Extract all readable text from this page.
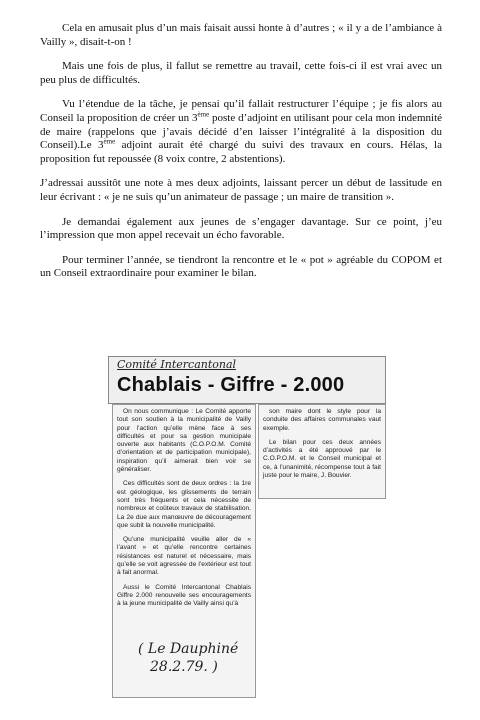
Cela en amusait plus d’un mais faisait aussi honte à d’autres ; « il y a de l’ambiance à Vailly », disait-t-on !

Mais une fois de plus, il fallut se remettre au travail, cette fois-ci il est vrai avec un peu plus de difficultés.

Vu l’étendue de la tâche, je pensai qu’il fallait restructurer l’équipe ; je fis alors au Conseil la proposition de créer un 3ème poste d’adjoint en utilisant pour cela mon indemnité de maire (rappelons que j’avais décidé d’en laisser l’intégralité à la disposition du Conseil).Le 3ème adjoint aurait été chargé du suivi des travaux en cours. Hélas, la proposition fut repoussée (8 voix contre, 2 abstentions).

J’adressai aussitôt une note à mes deux adjoints, laissant percer un début de lassitude en leur écrivant : « je ne suis qu’un animateur de passage ; un maire de transition ».

Je demandai également aux jeunes de s’engager davantage. Sur ce point, j’eu l’impression que mon appel recevait un écho favorable.

Pour terminer l’année, se tiendront la rencontre et le « pot » agréable du COPOM et un Conseil extraordinaire pour examiner le bilan.

Comité Intercantonal
Chablais - Giffre - 2.000

On nous communique : Le Comité apporte tout son soutien à la municipalité de Vailly pour l’action qu’elle mène face à ses difficultés et pour sa gestion municipale ouverte aux habitants (C.O.P.O.M. Comité d’orientation et de participation municipale), inspiration qu’il aimerait bien voir se généraliser.

Ces difficultés sont de deux ordres : la 1re est géologique, les glissements de terrain sont très fréquents et cela nécessite de nombreux et coûteux travaux de stabilisation. La 2e due aux manœuvre de découragement que subit la nouvelle municipalité.

Qu’une municipalité veuille aller de « l’avant » et qu’elle rencontre certaines résistances est naturel et nécessaire, mais qu’elle se voit agressée de l’extérieur est tout à fait anormal.

Aussi le Comité Intercantonal Chablais Giffre 2.000 renouvelle ses encouragements à la jeune municipalité de Vailly ainsi qu’à

son maire dont le style pour la conduite des affaires communales vaut exemple.

Le bilan pour ces deux années d’activités a été approuvé par le C.O.P.O.M. et le Conseil municipal et ce, à l’unanimité, récompense tout à fait juste pour le maire, J. Bouvier.

( Le Dauphiné
28.2.79. )
